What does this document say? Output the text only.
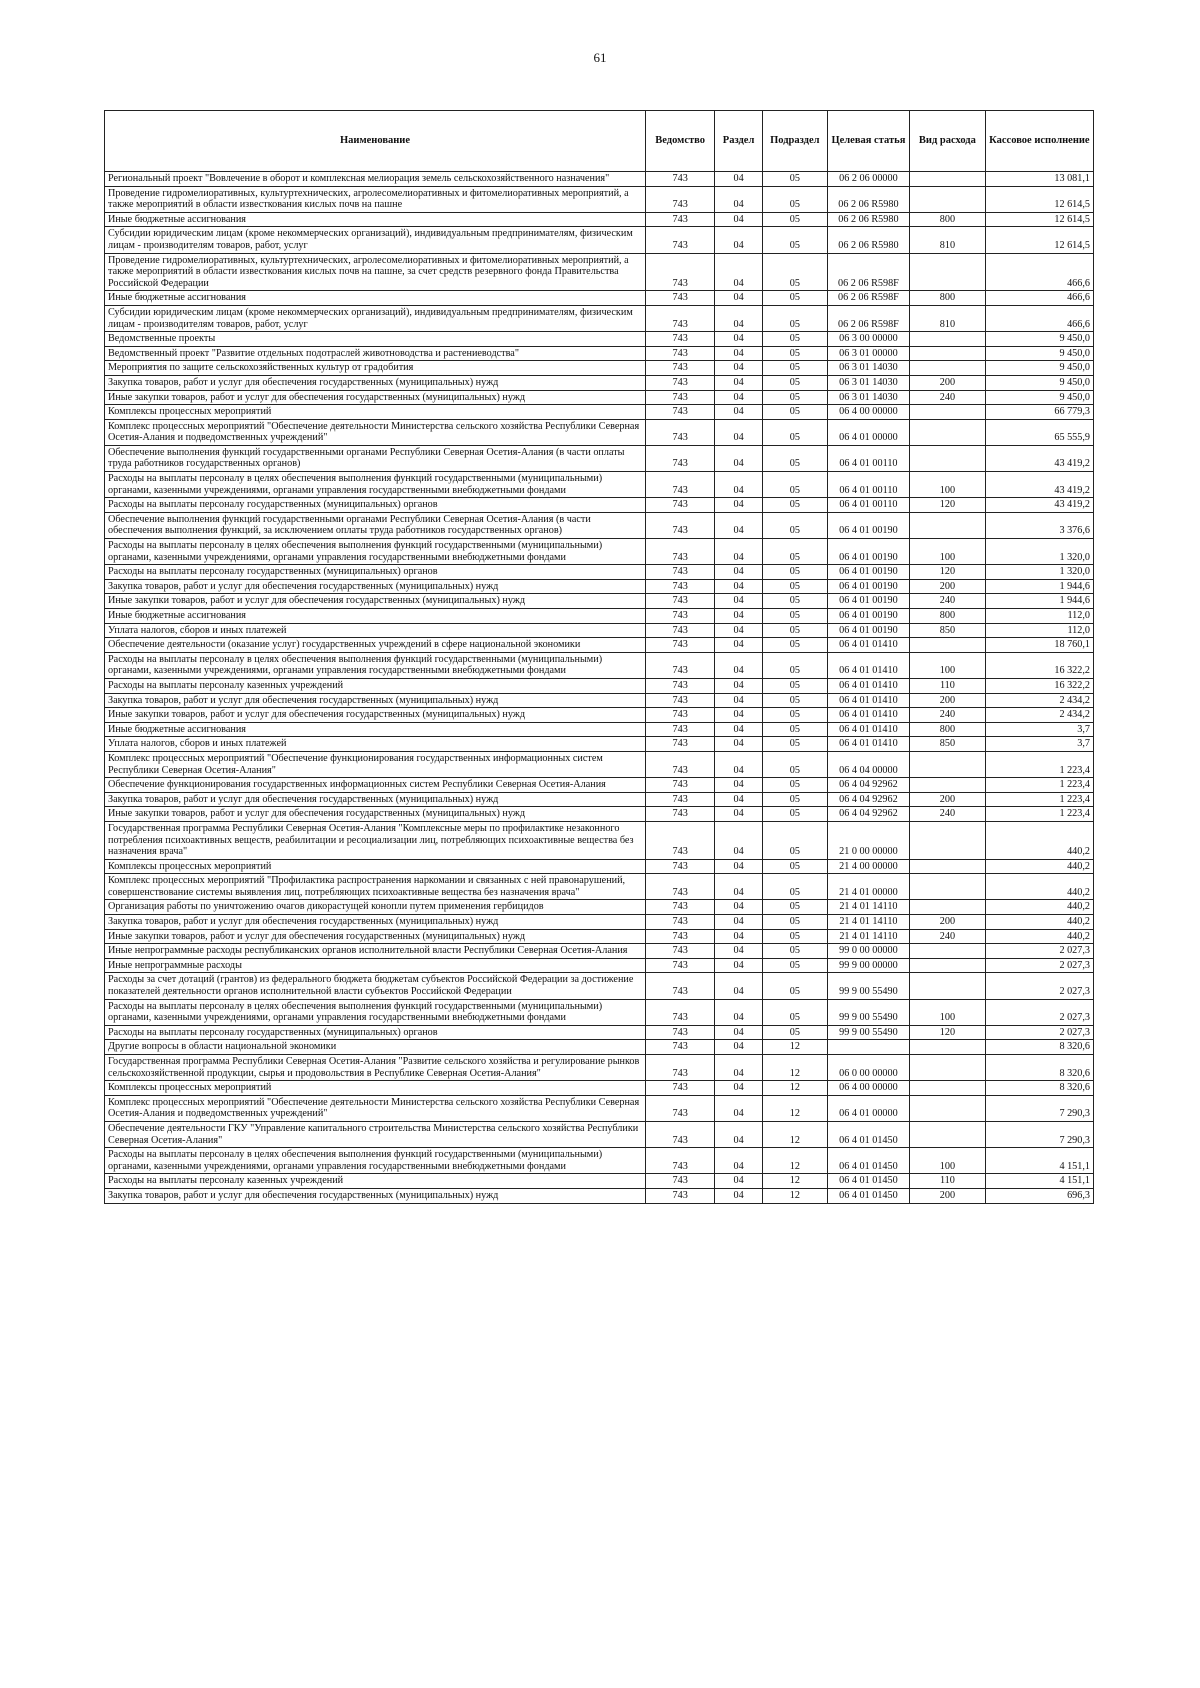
61
Наименование	Ведомство	Раздел	Подраздел	Целевая статья	Вид расхода	Кассовое исполнение
Региональный проект "Вовлечение в оборот и комплексная мелиорация земель сельскохозяйственного назначения"	743	04	05	06 2 06 00000		13 081,1
Проведение гидромелиоративных, культуртехнических, агролесомелиоративных и фитомелиоративных мероприятий, а также мероприятий в области известкования кислых почв на пашне	743	04	05	06 2 06 R5980		12 614,5
Иные бюджетные ассигнования	743	04	05	06 2 06 R5980	800	12 614,5
Субсидии юридическим лицам (кроме некоммерческих организаций), индивидуальным предпринимателям, физическим лицам - производителям товаров, работ, услуг	743	04	05	06 2 06 R5980	810	12 614,5
Проведение гидромелиоративных, культуртехнических, агролесомелиоративных и фитомелиоративных мероприятий, а также мероприятий в области известкования кислых почв на пашне, за счет средств резервного фонда Правительства Российской Федерации	743	04	05	06 2 06 R598F		466,6
Иные бюджетные ассигнования	743	04	05	06 2 06 R598F	800	466,6
Субсидии юридическим лицам (кроме некоммерческих организаций), индивидуальным предпринимателям, физическим лицам - производителям товаров, работ, услуг	743	04	05	06 2 06 R598F	810	466,6
Ведомственные проекты	743	04	05	06 3 00 00000		9 450,0
Ведомственный проект "Развитие отдельных подотраслей животноводства и растениеводства"	743	04	05	06 3 01 00000		9 450,0
Мероприятия по защите сельскохозяйственных культур от градобития	743	04	05	06 3 01 14030		9 450,0
Закупка товаров, работ и услуг для обеспечения государственных (муниципальных) нужд	743	04	05	06 3 01 14030	200	9 450,0
Иные закупки товаров, работ и услуг для обеспечения государственных (муниципальных) нужд	743	04	05	06 3 01 14030	240	9 450,0
Комплексы процессных мероприятий	743	04	05	06 4 00 00000		66 779,3
Комплекс процессных мероприятий "Обеспечение деятельности Министерства сельского хозяйства Республики Северная Осетия-Алания и подведомственных учреждений"	743	04	05	06 4 01 00000		65 555,9
Обеспечение выполнения функций государственными органами Республики Северная Осетия-Алания (в части оплаты труда работников государственных органов)	743	04	05	06 4 01 00110		43 419,2
Расходы на выплаты персоналу в целях обеспечения выполнения функций государственными (муниципальными) органами, казенными учреждениями, органами управления государственными внебюджетными фондами	743	04	05	06 4 01 00110	100	43 419,2
Расходы на выплаты персоналу государственных (муниципальных) органов	743	04	05	06 4 01 00110	120	43 419,2
Обеспечение выполнения функций государственными органами Республики Северная Осетия-Алания (в части обеспечения выполнения функций, за исключением оплаты труда работников государственных органов)	743	04	05	06 4 01 00190		3 376,6
Расходы на выплаты персоналу в целях обеспечения выполнения функций государственными (муниципальными) органами, казенными учреждениями, органами управления государственными внебюджетными фондами	743	04	05	06 4 01 00190	100	1 320,0
Расходы на выплаты персоналу государственных (муниципальных) органов	743	04	05	06 4 01 00190	120	1 320,0
Закупка товаров, работ и услуг для обеспечения государственных (муниципальных) нужд	743	04	05	06 4 01 00190	200	1 944,6
Иные закупки товаров, работ и услуг для обеспечения государственных (муниципальных) нужд	743	04	05	06 4 01 00190	240	1 944,6
Иные бюджетные ассигнования	743	04	05	06 4 01 00190	800	112,0
Уплата налогов, сборов и иных платежей	743	04	05	06 4 01 00190	850	112,0
Обеспечение деятельности (оказание услуг) государственных учреждений в сфере национальной экономики	743	04	05	06 4 01 01410		18 760,1
Расходы на выплаты персоналу в целях обеспечения выполнения функций государственными (муниципальными) органами, казенными учреждениями, органами управления государственными внебюджетными фондами	743	04	05	06 4 01 01410	100	16 322,2
Расходы на выплаты персоналу казенных учреждений	743	04	05	06 4 01 01410	110	16 322,2
Закупка товаров, работ и услуг для обеспечения государственных (муниципальных) нужд	743	04	05	06 4 01 01410	200	2 434,2
Иные закупки товаров, работ и услуг для обеспечения государственных (муниципальных) нужд	743	04	05	06 4 01 01410	240	2 434,2
Иные бюджетные ассигнования	743	04	05	06 4 01 01410	800	3,7
Уплата налогов, сборов и иных платежей	743	04	05	06 4 01 01410	850	3,7
Комплекс процессных мероприятий "Обеспечение функционирования государственных информационных систем Республики Северная Осетия-Алания"	743	04	05	06 4 04 00000		1 223,4
Обеспечение функционирования государственных информационных систем Республики Северная Осетия-Алания	743	04	05	06 4 04 92962		1 223,4
Закупка товаров, работ и услуг для обеспечения государственных (муниципальных) нужд	743	04	05	06 4 04 92962	200	1 223,4
Иные закупки товаров, работ и услуг для обеспечения государственных (муниципальных) нужд	743	04	05	06 4 04 92962	240	1 223,4
Государственная программа Республики Северная Осетия-Алания "Комплексные меры по профилактике незаконного потребления психоактивных веществ, реабилитации и ресоциализации лиц, потребляющих психоактивные вещества без назначения врача"	743	04	05	21 0 00 00000		440,2
Комплексы процессных мероприятий	743	04	05	21 4 00 00000		440,2
Комплекс процессных мероприятий "Профилактика распространения наркомании и связанных с ней правонарушений, совершенствование системы выявления лиц, потребляющих психоактивные вещества без назначения врача"	743	04	05	21 4 01 00000		440,2
Организация работы по уничтожению очагов дикорастущей конопли путем применения гербицидов	743	04	05	21 4 01 14110		440,2
Закупка товаров, работ и услуг для обеспечения государственных (муниципальных) нужд	743	04	05	21 4 01 14110	200	440,2
Иные закупки товаров, работ и услуг для обеспечения государственных (муниципальных) нужд	743	04	05	21 4 01 14110	240	440,2
Иные непрограммные расходы республиканских органов исполнительной власти Республики Северная Осетия-Алания	743	04	05	99 0 00 00000		2 027,3
Иные непрограммные расходы	743	04	05	99 9 00 00000		2 027,3
Расходы за счет дотаций (грантов) из федерального бюджета бюджетам субъектов Российской Федерации за достижение показателей деятельности органов исполнительной власти субъектов Российской Федерации	743	04	05	99 9 00 55490		2 027,3
Расходы на выплаты персоналу в целях обеспечения выполнения функций государственными (муниципальными) органами, казенными учреждениями, органами управления государственными внебюджетными фондами	743	04	05	99 9 00 55490	100	2 027,3
Расходы на выплаты персоналу государственных (муниципальных) органов	743	04	05	99 9 00 55490	120	2 027,3
Другие вопросы в области национальной экономики	743	04	12			8 320,6
Государственная программа Республики Северная Осетия-Алания "Развитие сельского хозяйства и регулирование рынков сельскохозяйственной продукции, сырья и продовольствия в Республике Северная Осетия-Алания"	743	04	12	06 0 00 00000		8 320,6
Комплексы процессных мероприятий	743	04	12	06 4 00 00000		8 320,6
Комплекс процессных мероприятий "Обеспечение деятельности Министерства сельского хозяйства Республики Северная Осетия-Алания и подведомственных учреждений"	743	04	12	06 4 01 00000		7 290,3
Обеспечение деятельности ГКУ "Управление капитального строительства Министерства сельского хозяйства Республики Северная Осетия-Алания"	743	04	12	06 4 01 01450		7 290,3
Расходы на выплаты персоналу в целях обеспечения выполнения функций государственными (муниципальными) органами, казенными учреждениями, органами управления государственными внебюджетными фондами	743	04	12	06 4 01 01450	100	4 151,1
Расходы на выплаты персоналу казенных учреждений	743	04	12	06 4 01 01450	110	4 151,1
Закупка товаров, работ и услуг для обеспечения государственных (муниципальных) нужд	743	04	12	06 4 01 01450	200	696,3
